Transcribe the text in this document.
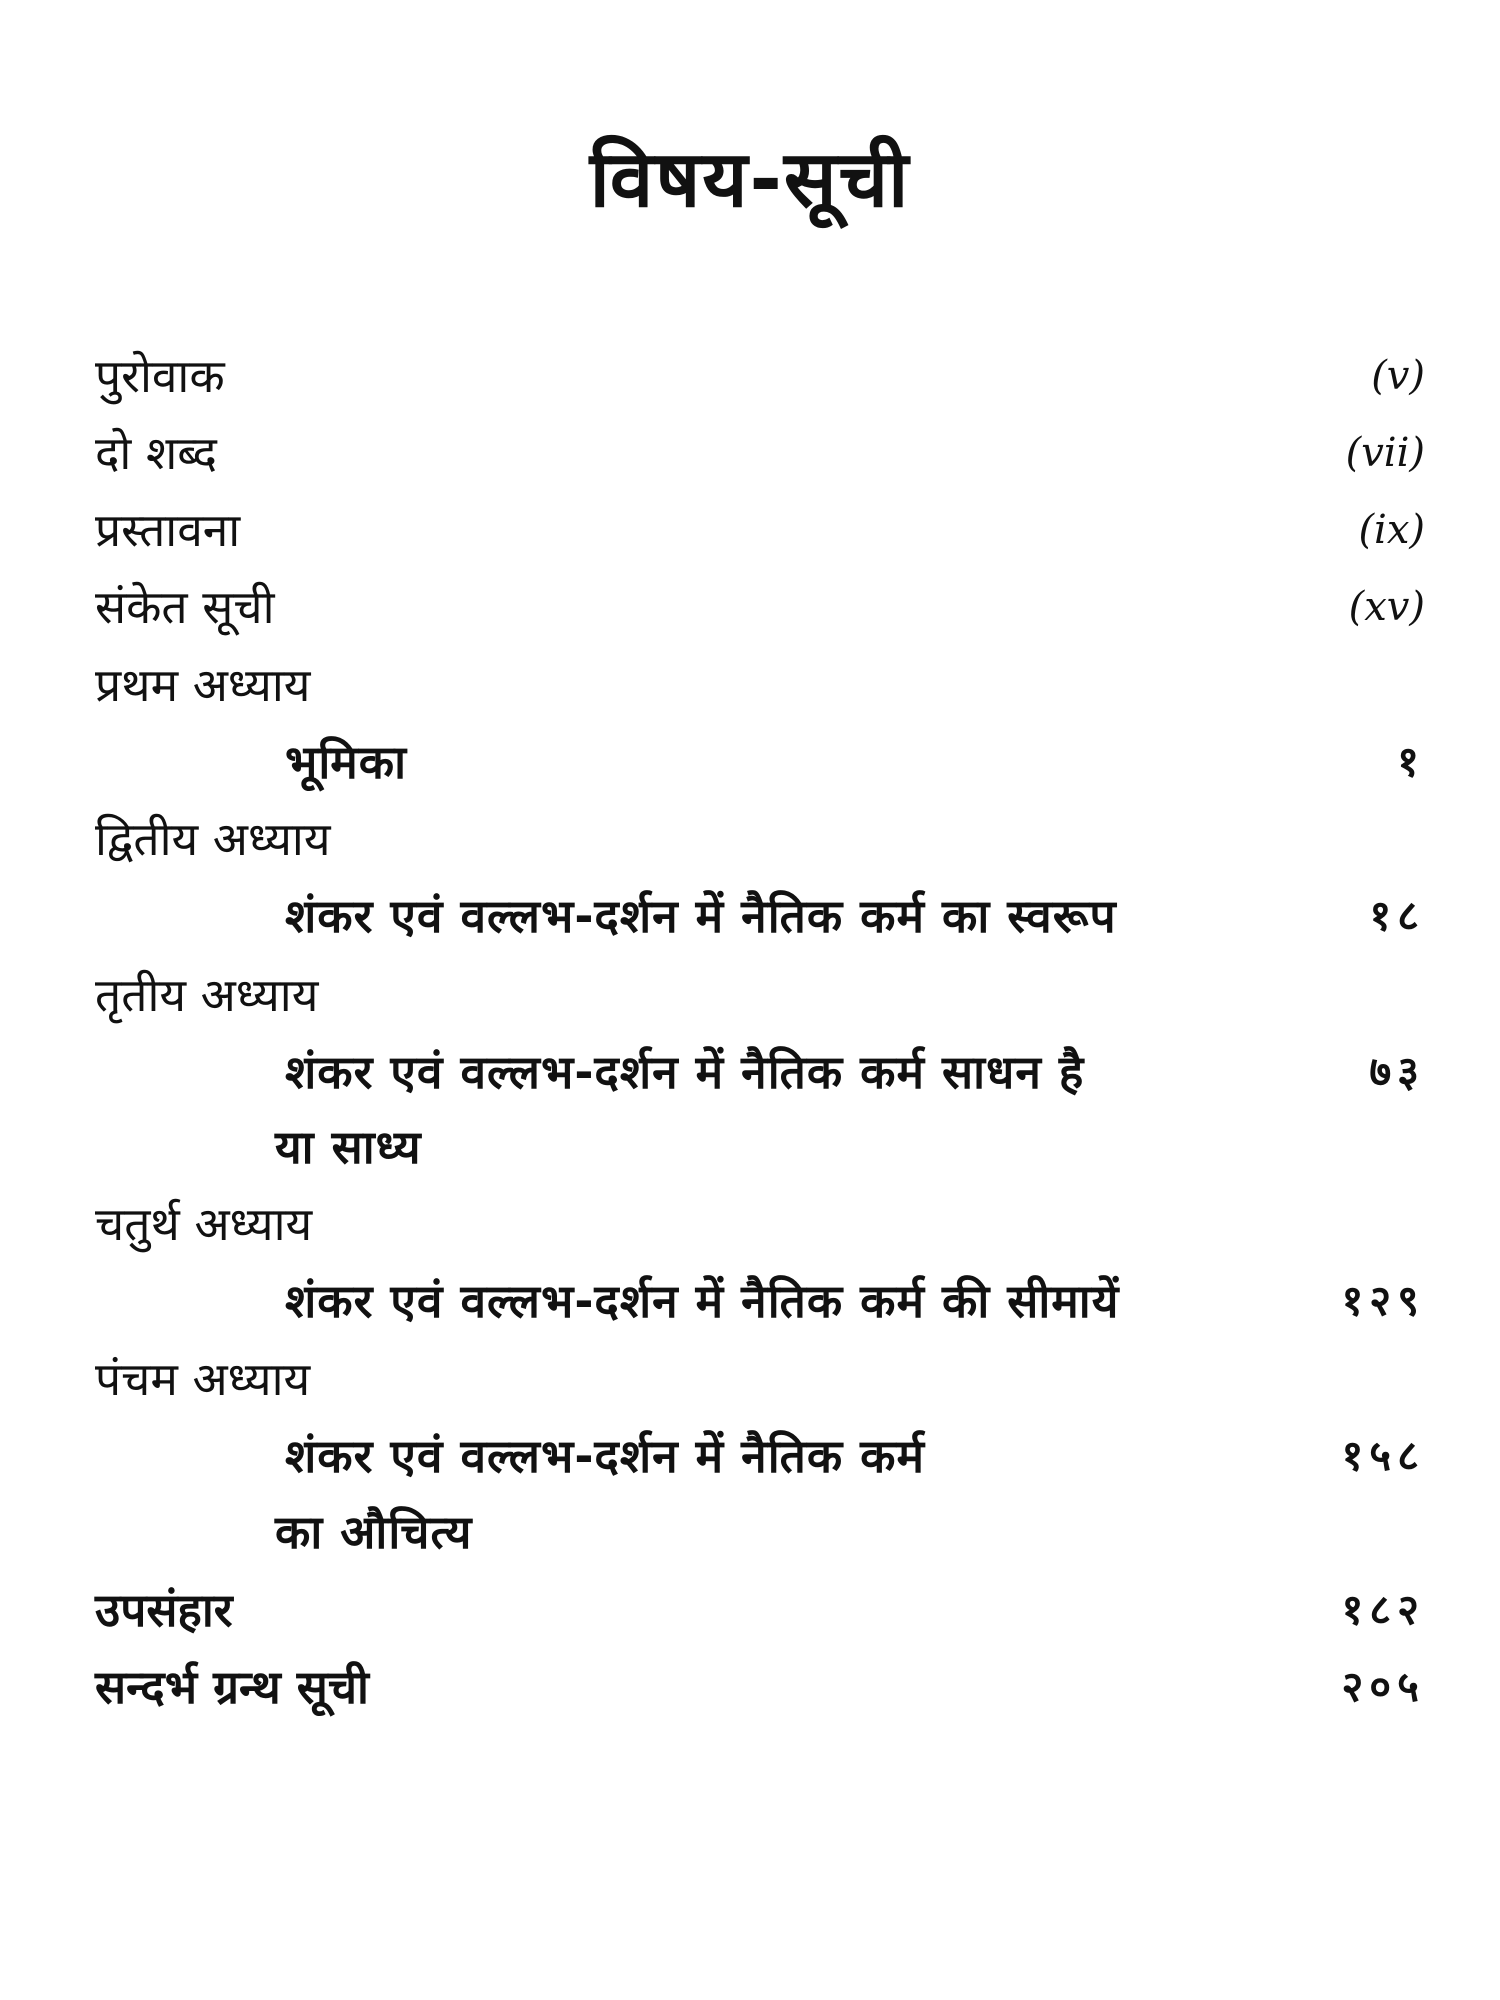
विषय-सूची
पुरोवाक	(v)
दो शब्द	(vii)
प्रस्तावना	(ix)
संकेत सूची	(xv)
प्रथम अध्याय
भूमिका	१
द्वितीय अध्याय
शंकर एवं वल्लभ-दर्शन में नैतिक कर्म का स्वरूप	१८
तृतीय अध्याय
शंकर एवं वल्लभ-दर्शन में नैतिक कर्म साधन है	७३
या साध्य
चतुर्थ अध्याय
शंकर एवं वल्लभ-दर्शन में नैतिक कर्म की सीमायें	१२९
पंचम अध्याय
शंकर एवं वल्लभ-दर्शन में नैतिक कर्म	१५८
का औचित्य
उपसंहार	१८२
सन्दर्भ ग्रन्थ सूची	२०५
